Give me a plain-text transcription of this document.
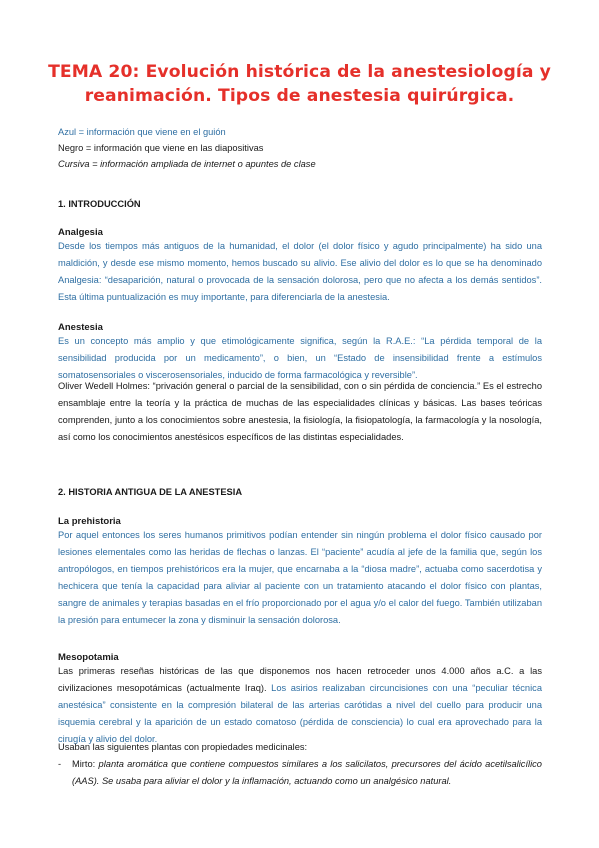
TEMA 20: Evolución histórica de la anestesiología y reanimación. Tipos de anestesia quirúrgica.
Azul = información que viene en el guión
Negro = información que viene en las diapositivas
Cursiva = información ampliada de internet o apuntes de clase
1. INTRODUCCIÓN
Analgesia

Desde los tiempos más antiguos de la humanidad, el dolor (el dolor físico y agudo principalmente) ha sido una maldición, y desde ese mismo momento, hemos buscado su alivio. Ese alivio del dolor es lo que se ha denominado Analgesia: “desaparición, natural o provocada de la sensación dolorosa, pero que no afecta a los demás sentidos”. Esta última puntualización es muy importante, para diferenciarla de la anestesia.

Anestesia

Es un concepto más amplio y que etimológicamente significa, según la R.A.E.: “La pérdida temporal de la sensibilidad producida por un medicamento”, o bien, un “Estado de insensibilidad frente a estímulos somatosensoriales o viscerosensoriales, inducido de forma farmacológica y reversible”.

Oliver Wedell Holmes: “privación general o parcial de la sensibilidad, con o sin pérdida de conciencia.” Es el estrecho ensamblaje entre la teoría y la práctica de muchas de las especialidades clínicas y básicas. Las bases teóricas comprenden, junto a los conocimientos sobre anestesia, la fisiología, la fisiopatología, la farmacología y la nosología, así como los conocimientos anestésicos específicos de las distintas especialidades.

2. HISTORIA ANTIGUA DE LA ANESTESIA
La prehistoria

Por aquel entonces los seres humanos primitivos podían entender sin ningún problema el dolor físico causado por lesiones elementales como las heridas de flechas o lanzas. El “paciente” acudía al jefe de la familia que, según los antropólogos, en tiempos prehistóricos era la mujer, que encarnaba a la “diosa madre”, actuaba como sacerdotisa y hechicera que tenía la capacidad para aliviar al paciente con un tratamiento atacando el dolor físico con plantas, sangre de animales y terapias basadas en el frío proporcionado por el agua y/o el calor del fuego. También utilizaban la presión para entumecer la zona y disminuir la sensación dolorosa.

Mesopotamia

Las primeras reseñas históricas de las que disponemos nos hacen retroceder unos 4.000 años a.C. a las civilizaciones mesopotámicas (actualmente Iraq). Los asirios realizaban circuncisiones con una “peculiar técnica anestésica” consistente en la compresión bilateral de las arterias carótidas a nivel del cuello para producir una isquemia cerebral y la aparición de un estado comatoso (pérdida de consciencia) lo cual era aprovechado para la cirugía y alivio del dolor.

Usaban las siguientes plantas con propiedades medicinales:

- Mirto: planta aromática que contiene compuestos similares a los salicilatos, precursores del ácido acetilsalicílico (AAS). Se usaba para aliviar el dolor y la inflamación, actuando como un analgésico natural.
